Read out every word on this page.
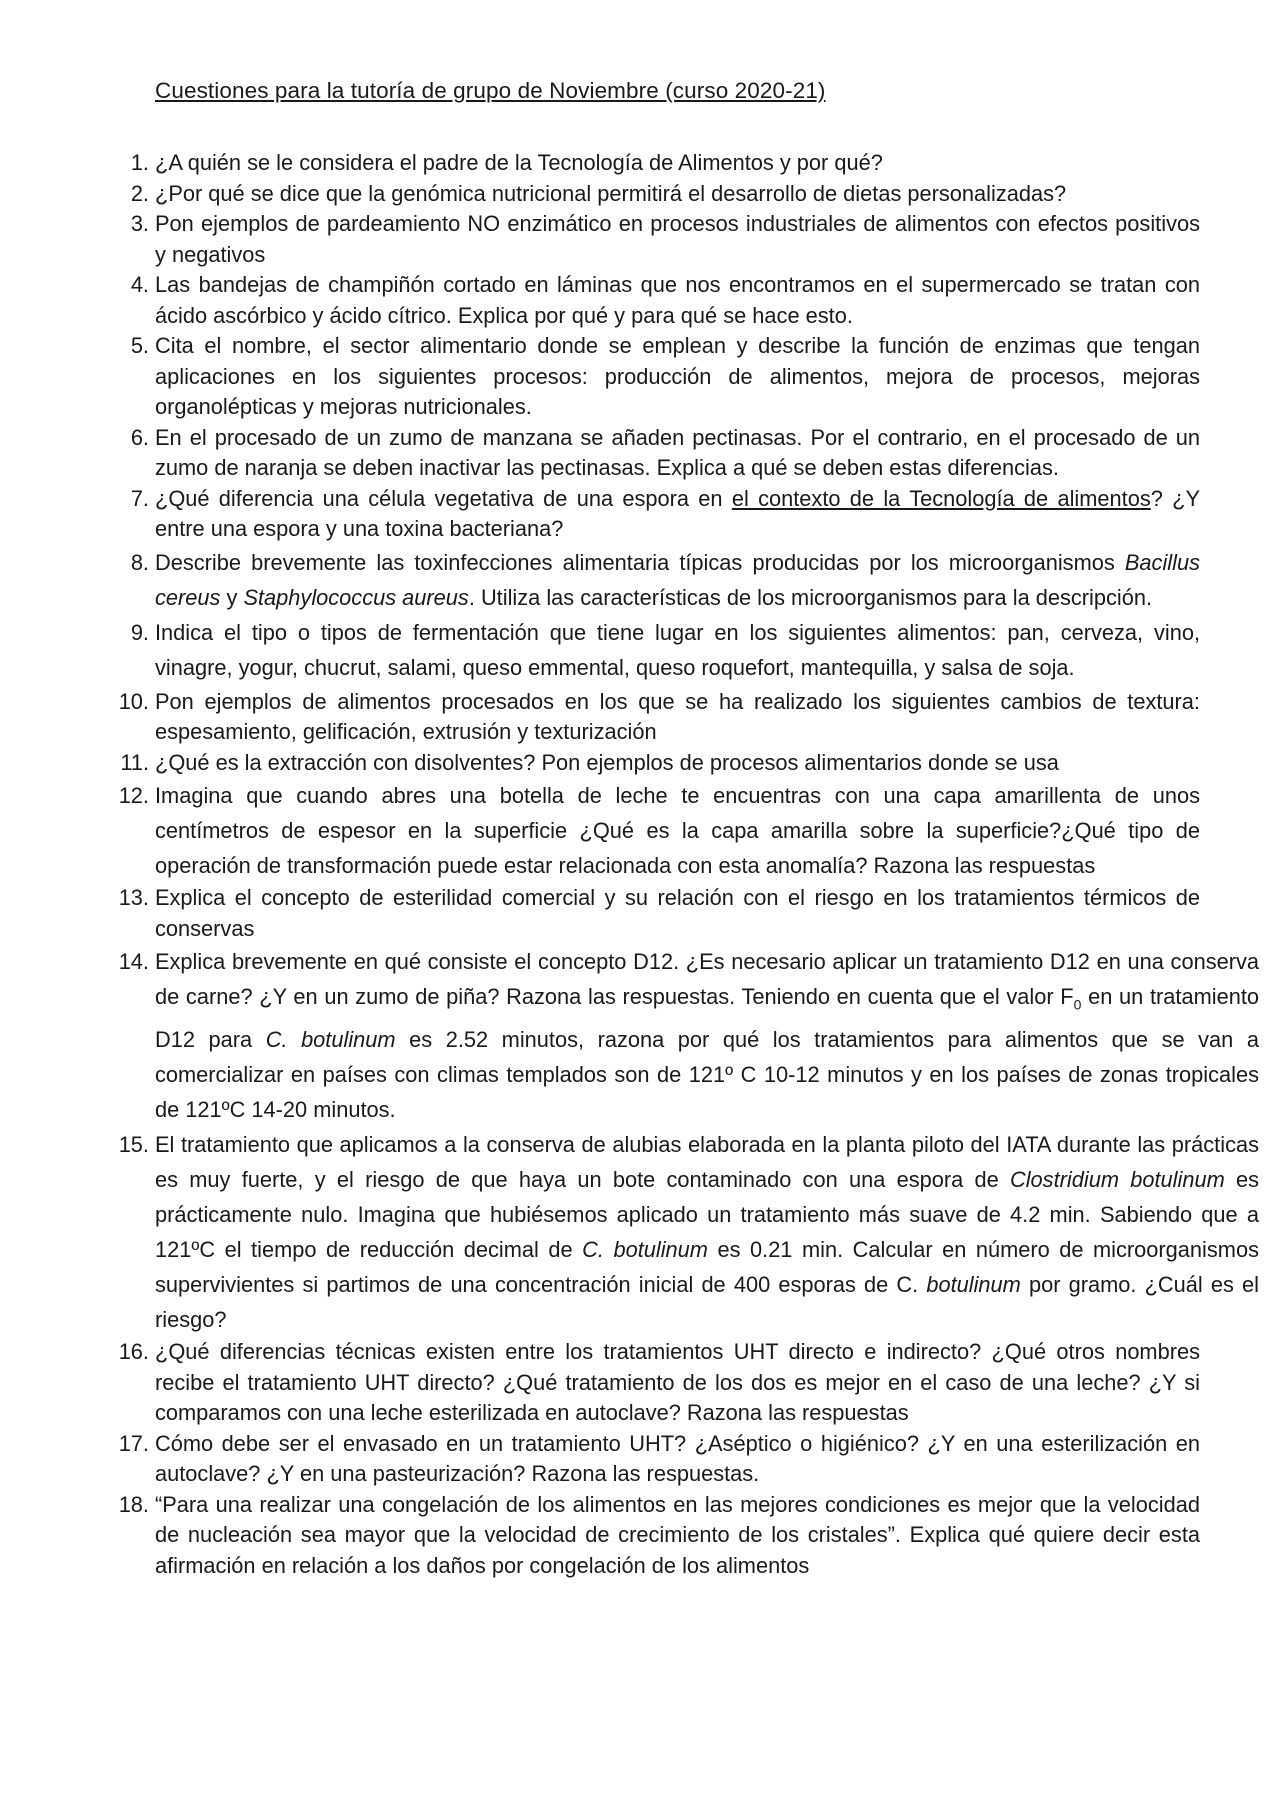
Cuestiones para la tutoría de grupo de Noviembre (curso 2020-21)
1. ¿A quién se le considera el padre de la Tecnología de Alimentos y por qué?
2. ¿Por qué se dice que la genómica nutricional permitirá el desarrollo de dietas personalizadas?
3. Pon ejemplos de pardeamiento NO enzimático en procesos industriales de alimentos con efectos positivos y negativos
4. Las bandejas de champiñón cortado en láminas que nos encontramos en el supermercado se tratan con ácido ascórbico y ácido cítrico. Explica por qué y para qué se hace esto.
5. Cita el nombre, el sector alimentario donde se emplean y describe la función de enzimas que tengan aplicaciones en los siguientes procesos: producción de alimentos, mejora de procesos, mejoras organolépticas y mejoras nutricionales.
6. En el procesado de un zumo de manzana se añaden pectinasas. Por el contrario, en el procesado de un zumo de naranja se deben inactivar las pectinasas. Explica a qué se deben estas diferencias.
7. ¿Qué diferencia una célula vegetativa de una espora en el contexto de la Tecnología de alimentos? ¿Y entre una espora y una toxina bacteriana?
8. Describe brevemente las toxinfecciones alimentaria típicas producidas por los microorganismos Bacillus cereus y Staphylococcus aureus. Utiliza las características de los microorganismos para la descripción.
9. Indica el tipo o tipos de fermentación que tiene lugar en los siguientes alimentos: pan, cerveza, vino, vinagre, yogur, chucrut, salami, queso emmental, queso roquefort, mantequilla, y salsa de soja.
10. Pon ejemplos de alimentos procesados en los que se ha realizado los siguientes cambios de textura: espesamiento, gelificación, extrusión y texturización
11. ¿Qué es la extracción con disolventes? Pon ejemplos de procesos alimentarios donde se usa
12. Imagina que cuando abres una botella de leche te encuentras con una capa amarillenta de unos centímetros de espesor en la superficie ¿Qué es la capa amarilla sobre la superficie?¿Qué tipo de operación de transformación puede estar relacionada con esta anomalía? Razona las respuestas
13. Explica el concepto de esterilidad comercial y su relación con el riesgo en los tratamientos térmicos de conservas
14. Explica brevemente en qué consiste el concepto D12. ¿Es necesario aplicar un tratamiento D12 en una conserva de carne? ¿Y en un zumo de piña? Razona las respuestas. Teniendo en cuenta que el valor $F_0$ en un tratamiento D12 para C. botulinum es 2.52 minutos, razona por qué los tratamientos para alimentos que se van a comercializar en países con climas templados son de 121º C 10-12 minutos y en los países de zonas tropicales de 121ºC 14-20 minutos.
15. El tratamiento que aplicamos a la conserva de alubias elaborada en la planta piloto del IATA durante las prácticas es muy fuerte, y el riesgo de que haya un bote contaminado con una espora de Clostridium botulinum es prácticamente nulo. Imagina que hubiésemos aplicado un tratamiento más suave de 4.2 min. Sabiendo que a 121ºC el tiempo de reducción decimal de C. botulinum es 0.21 min. Calcular en número de microorganismos supervivientes si partimos de una concentración inicial de 400 esporas de C. botulinum por gramo. ¿Cuál es el riesgo?
16. ¿Qué diferencias técnicas existen entre los tratamientos UHT directo e indirecto? ¿Qué otros nombres recibe el tratamiento UHT directo? ¿Qué tratamiento de los dos es mejor en el caso de una leche? ¿Y si comparamos con una leche esterilizada en autoclave? Razona las respuestas
17. Cómo debe ser el envasado en un tratamiento UHT? ¿Aséptico o higiénico? ¿Y en una esterilización en autoclave? ¿Y en una pasteurización? Razona las respuestas.
18. “Para una realizar una congelación de los alimentos en las mejores condiciones es mejor que la velocidad de nucleación sea mayor que la velocidad de crecimiento de los cristales”. Explica qué quiere decir esta afirmación en relación a los daños por congelación de los alimentos
